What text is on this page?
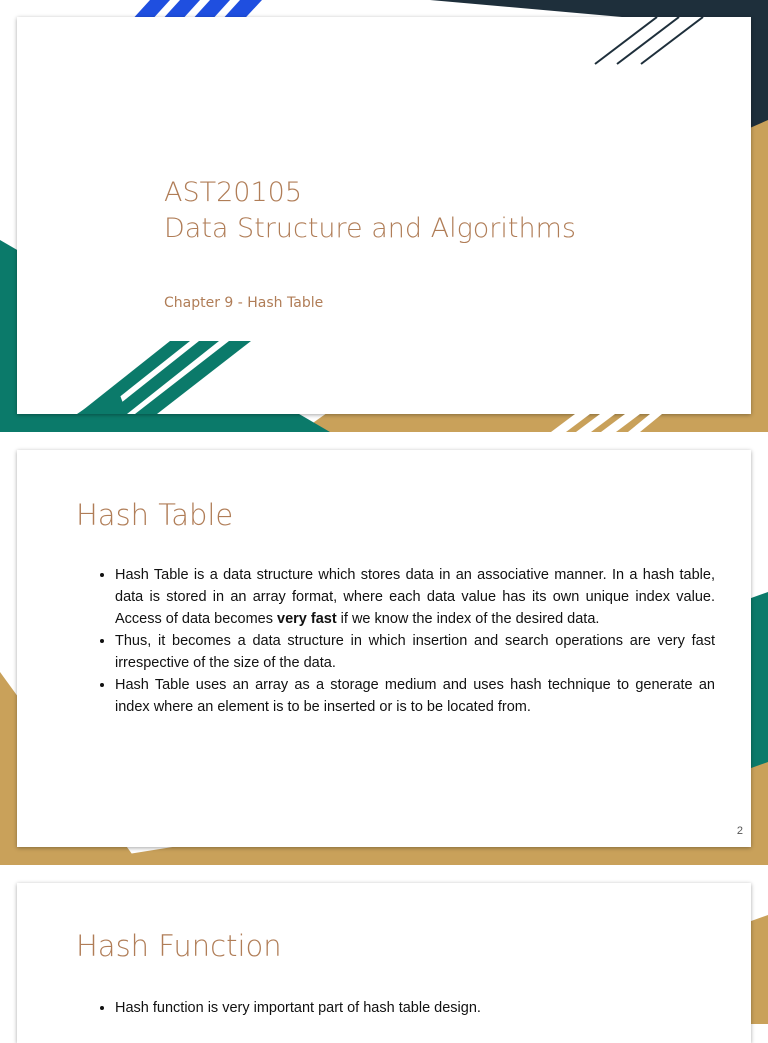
AST20105
Data Structure and Algorithms
Chapter 9 - Hash Table
Hash Table
• Hash Table is a data structure which stores data in an associative manner. In a hash table, data is stored in an array format, where each data value has its own unique index value. Access of data becomes very fast if we know the index of the desired data.
• Thus, it becomes a data structure in which insertion and search operations are very fast irrespective of the size of the data.
• Hash Table uses an array as a storage medium and uses hash technique to generate an index where an element is to be inserted or is to be located from.
2
Hash Function
• Hash function is very important part of hash table design.
